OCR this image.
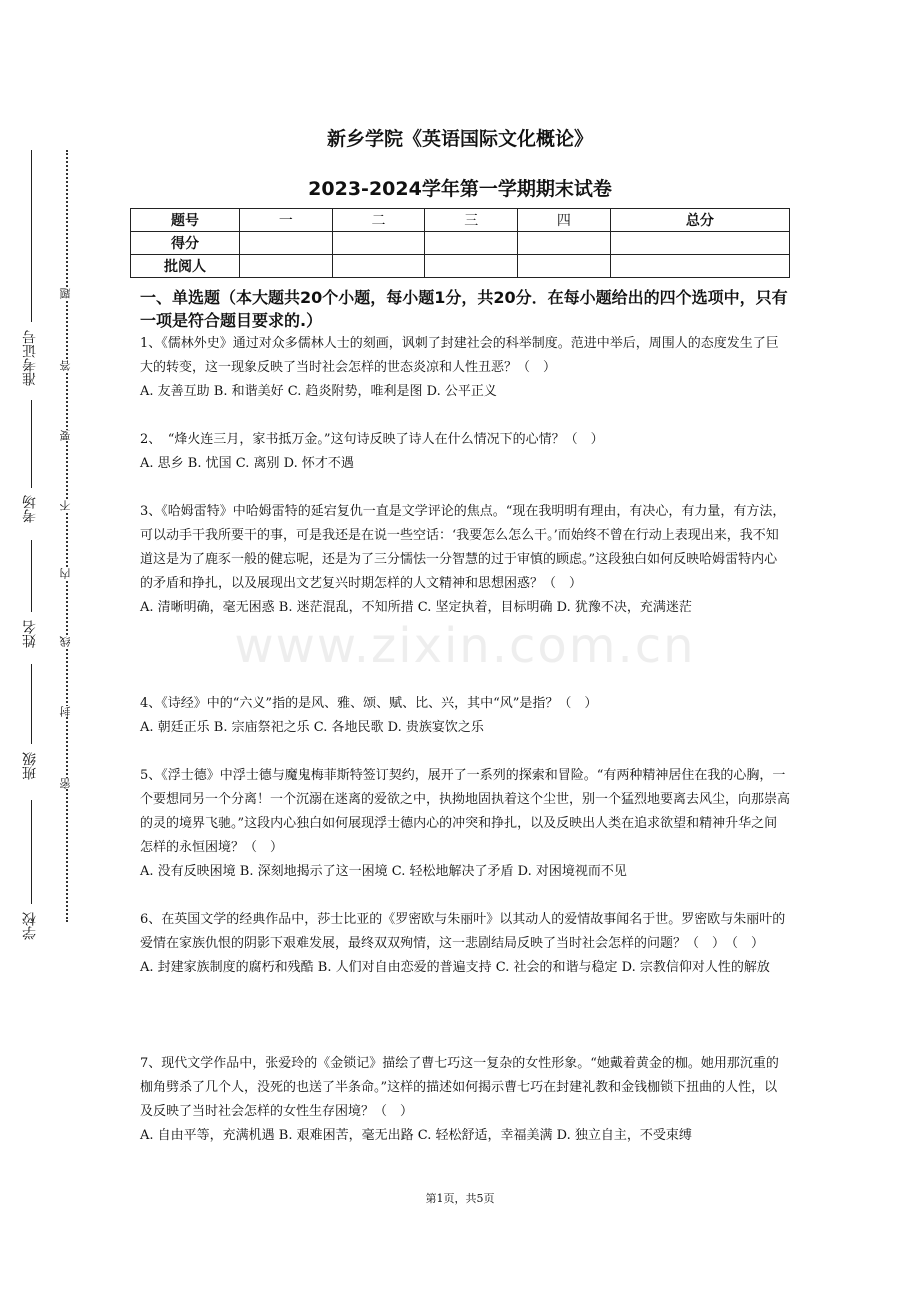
准考证号
考场
姓名
班级
学校
题
答
要
不
内
线
封
密
新乡学院《英语国际文化概论》
2023-2024学年第一学期期末试卷
题号	一	二	三	四	总分
得分					
批阅人					
一、单选题（本大题共20个小题，每小题1分，共20分．在每小题给出的四个选项中，只有一项是符合题目要求的.）

1、《儒林外史》通过对众多儒林人士的刻画，讽刺了封建社会的科举制度。范进中举后，周围人的态度发生了巨大的转变，这一现象反映了当时社会怎样的世态炎凉和人性丑恶？（　）

A. 友善互助 B. 和谐美好 C. 趋炎附势，唯利是图 D. 公平正义

2、　“烽火连三月，家书抵万金。”这句诗反映了诗人在什么情况下的心情？（　）

A. 思乡 B. 忧国 C. 离别 D. 怀才不遇

3、《哈姆雷特》中哈姆雷特的延宕复仇一直是文学评论的焦点。“现在我明明有理由，有决心，有力量，有方法，可以动手干我所要干的事，可是我还是在说一些空话：‘我要怎么怎么干。’而始终不曾在行动上表现出来，我不知道这是为了鹿豕一般的健忘呢，还是为了三分懦怯一分智慧的过于审慎的顾虑。”这段独白如何反映哈姆雷特内心的矛盾和挣扎，以及展现出文艺复兴时期怎样的人文精神和思想困惑？（　）

A. 清晰明确，毫无困惑 B. 迷茫混乱，不知所措 C. 坚定执着，目标明确 D. 犹豫不决，充满迷茫

4、《诗经》中的“六义”指的是风、雅、颂、赋、比、兴，其中“风”是指？（　）

A. 朝廷正乐 B. 宗庙祭祀之乐 C. 各地民歌 D. 贵族宴饮之乐

5、《浮士德》中浮士德与魔鬼梅菲斯特签订契约，展开了一系列的探索和冒险。“有两种精神居住在我的心胸，一个要想同另一个分离！一个沉溺在迷离的爱欲之中，执拗地固执着这个尘世，别一个猛烈地要离去风尘，向那崇高的灵的境界飞驰。”这段内心独白如何展现浮士德内心的冲突和挣扎，以及反映出人类在追求欲望和精神升华之间怎样的永恒困境？（　）

A. 没有反映困境 B. 深刻地揭示了这一困境 C. 轻松地解决了矛盾 D. 对困境视而不见

6、在英国文学的经典作品中，莎士比亚的《罗密欧与朱丽叶》以其动人的爱情故事闻名于世。罗密欧与朱丽叶的爱情在家族仇恨的阴影下艰难发展，最终双双殉情，这一悲剧结局反映了当时社会怎样的问题？（　）　（　）

A. 封建家族制度的腐朽和残酷 B. 人们对自由恋爱的普遍支持 C. 社会的和谐与稳定 D. 宗教信仰对人性的解放

7、现代文学作品中，张爱玲的《金锁记》描绘了曹七巧这一复杂的女性形象。“她戴着黄金的枷。她用那沉重的枷角劈杀了几个人，没死的也送了半条命。”这样的描述如何揭示曹七巧在封建礼教和金钱枷锁下扭曲的人性，以及反映了当时社会怎样的女性生存困境？（　）

A. 自由平等，充满机遇 B. 艰难困苦，毫无出路 C. 轻松舒适，幸福美满 D. 独立自主，不受束缚

www.zixin.com.cn
第1页，共5页
